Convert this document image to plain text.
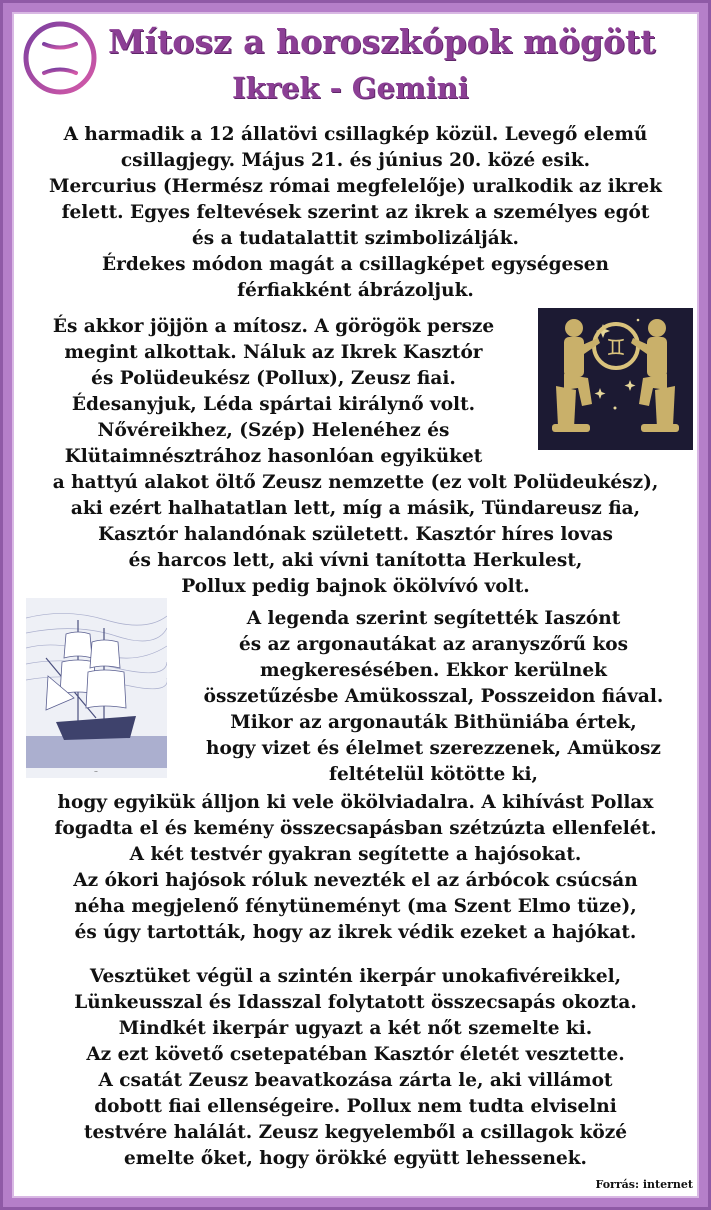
Mítosz a horoszkópok mögött
Ikrek - Gemini

A harmadik a 12 állatövi csillagkép közül. Levegő elemű
csillagjegy. Május 21. és június 20. közé esik.
Mercurius (Hermész római megfelelője) uralkodik az ikrek
felett. Egyes feltevések szerint az ikrek a személyes egót
és a tudatalattit szimbolizálják.
Érdekes módon magát a csillagképet egységesen
férfiakként ábrázoljuk.

♊

És akkor jöjjön a mítosz. A görögök persze
megint alkottak. Náluk az Ikrek Kasztór
és Polüdeukész (Pollux), Zeusz fiai.
Édesanyjuk, Léda spártai királynő volt.
Nővéreikhez, (Szép) Helenéhez és
Klütaimnésztrához hasonlóan egyiküket

a hattyú alakot öltő Zeusz nemzette (ez volt Polüdeukész),
aki ezért halhatatlan lett, míg a másik, Tündareusz fia,
Kasztór halandónak született. Kasztór híres lovas
és harcos lett, aki vívni tanította Herkulest,
Pollux pedig bajnok ökölvívó volt.

~

A legenda szerint segítették Iaszónt
és az argonautákat az aranyszőrű kos
megkeresésében. Ekkor kerülnek
összetűzésbe Amükosszal, Posszeidon fiával.
Mikor az argonauták Bithüniába értek,
hogy vizet és élelmet szerezzenek, Amükosz
feltételül kötötte ki,

hogy egyikük álljon ki vele ökölviadalra. A kihívást Pollax
fogadta el és kemény összecsapásban szétzúzta ellenfelét.
A két testvér gyakran segítette a hajósokat.
Az ókori hajósok róluk nevezték el az árbócok csúcsán
néha megjelenő fénytüneményt (ma Szent Elmo tüze),
és úgy tartották, hogy az ikrek védik ezeket a hajókat.

Vesztüket végül a szintén ikerpár unokafivéreikkel,
Lünkeusszal és Idasszal folytatott összecsapás okozta.
Mindkét ikerpár ugyazt a két nőt szemelte ki.
Az ezt követő csetepatéban Kasztór életét vesztette.
A csatát Zeusz beavatkozása zárta le, aki villámot
dobott fiai ellenségeire. Pollux nem tudta elviselni
testvére halálát. Zeusz kegyelemből a csillagok közé
emelte őket, hogy örökké együtt lehessenek.

Forrás: internet
